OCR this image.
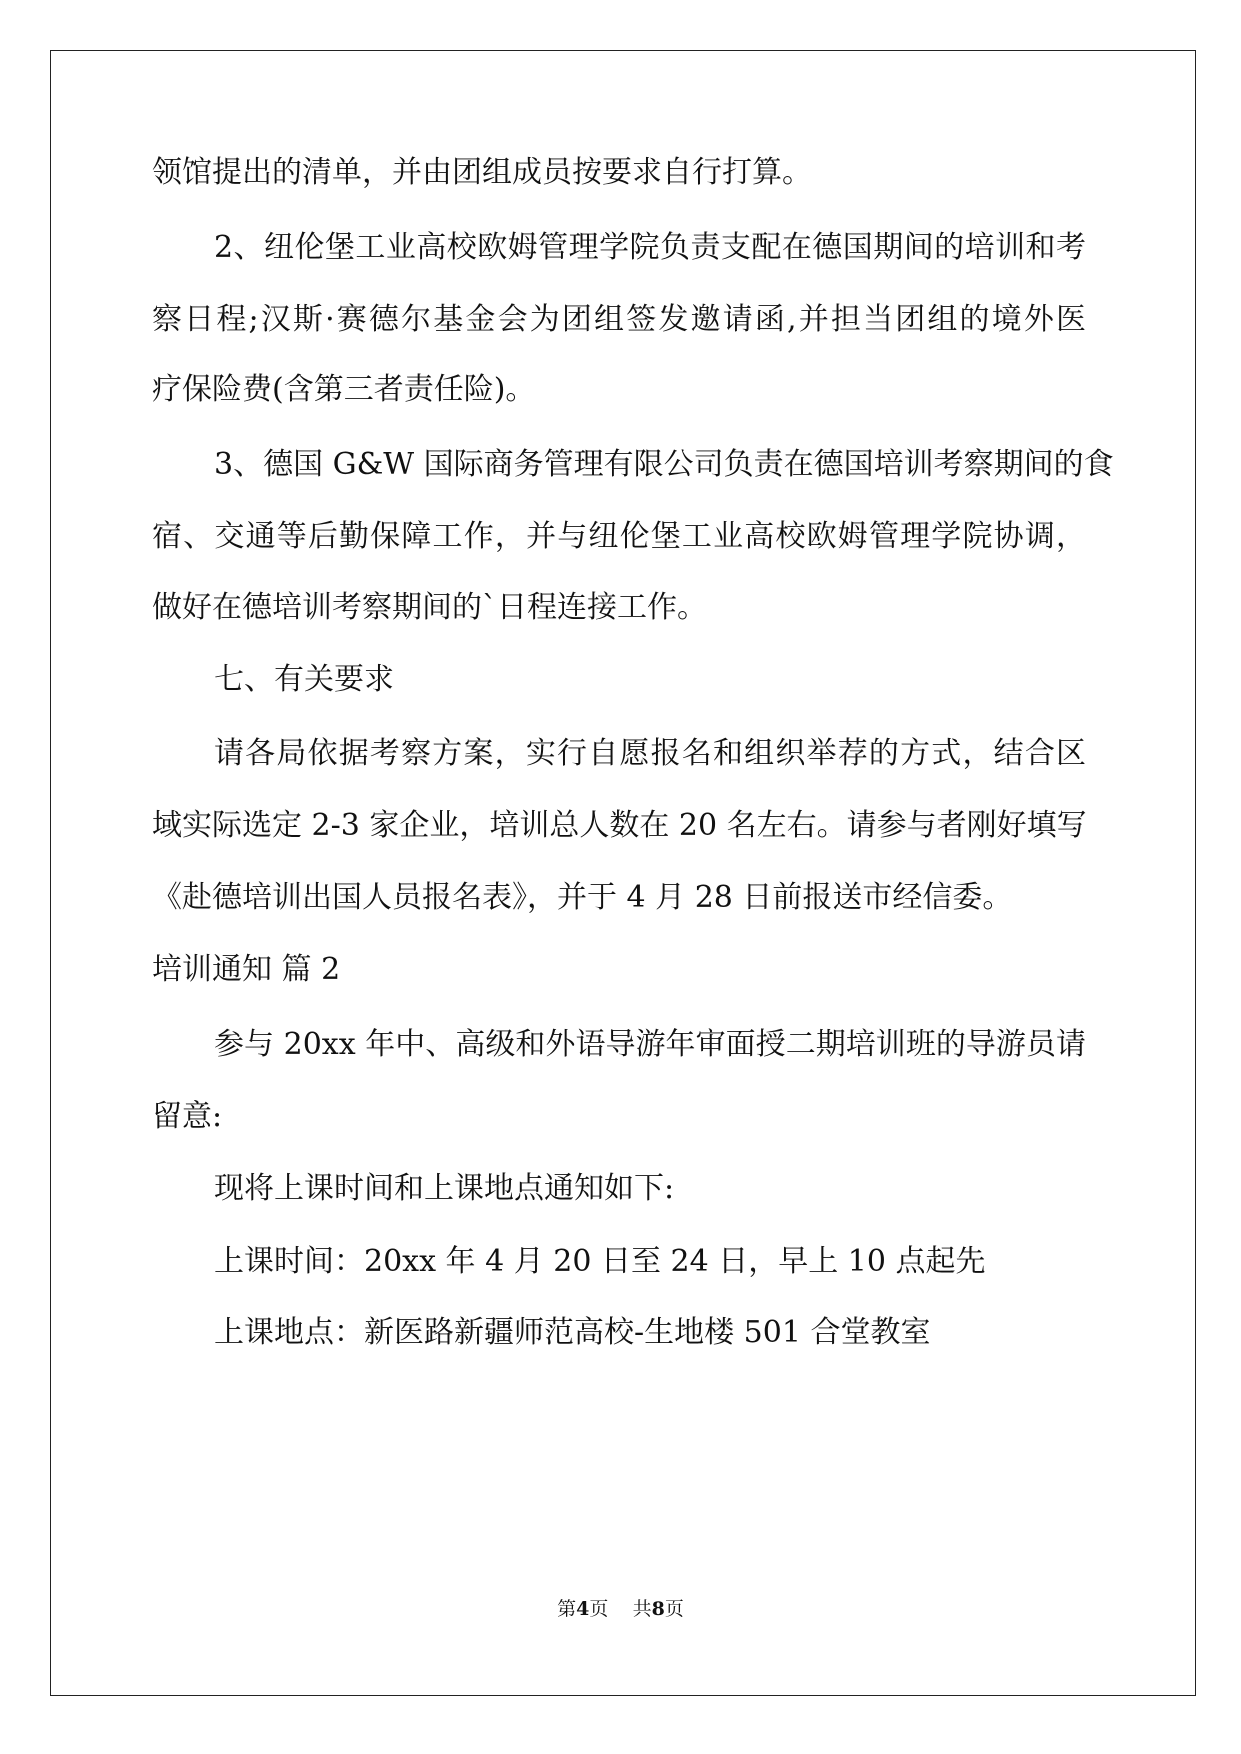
领馆提出的清单，并由团组成员按要求自行打算。
2、纽伦堡工业高校欧姆管理学院负责支配在德国期间的培训和考
察日程;汉斯·赛德尔基金会为团组签发邀请函,并担当团组的境外医
疗保险费(含第三者责任险)。
3、德国 G&W 国际商务管理有限公司负责在德国培训考察期间的食
宿、交通等后勤保障工作，并与纽伦堡工业高校欧姆管理学院协调，
做好在德培训考察期间的`日程连接工作。
七、有关要求
请各局依据考察方案，实行自愿报名和组织举荐的方式，结合区
域实际选定 2-3 家企业，培训总人数在 20 名左右。请参与者刚好填写
《赴德培训出国人员报名表》，并于 4 月 28 日前报送市经信委。
培训通知 篇 2
参与 20xx 年中、高级和外语导游年审面授二期培训班的导游员请
留意:
现将上课时间和上课地点通知如下:
上课时间：20xx 年 4 月 20 日至 24 日，早上 10 点起先
上课地点：新医路新疆师范高校-生地楼 501 合堂教室
第4页    共8页
